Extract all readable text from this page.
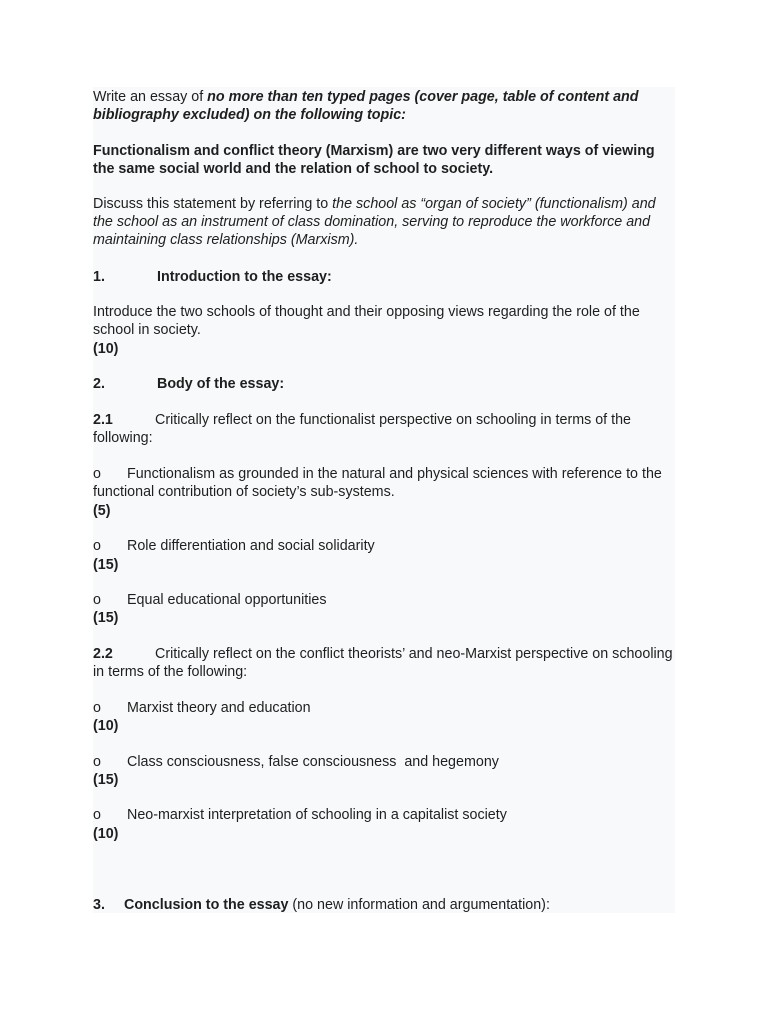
Write an essay of no more than ten typed pages (cover page, table of content and bibliography excluded) on the following topic:

Functionalism and conflict theory (Marxism) are two very different ways of viewing the same social world and the relation of school to society.

Discuss this statement by referring to the school as “organ of society” (functionalism) and the school as an instrument of class domination, serving to reproduce the workforce and maintaining class relationships (Marxism).

1.	Introduction to the essay:

Introduce the two schools of thought and their opposing views regarding the role of the school in society.

(10)

2.	Body of the essay:

2.1	Critically reflect on the functionalist perspective on schooling in terms of the following:

o Functionalism as grounded in the natural and physical sciences with reference to the functional contribution of society’s sub-systems.

(5)

o Role differentiation and social solidarity

(15)

o Equal educational opportunities

(15)

2.2	Critically reflect on the conflict theorists’ and neo-Marxist perspective on schooling in terms of the following:

o Marxist theory and education

(10)

o Class consciousness, false consciousness  and hegemony

(15)

o Neo-marxist interpretation of schooling in a capitalist society

(10)

3. Conclusion to the essay (no new information and argumentation):
